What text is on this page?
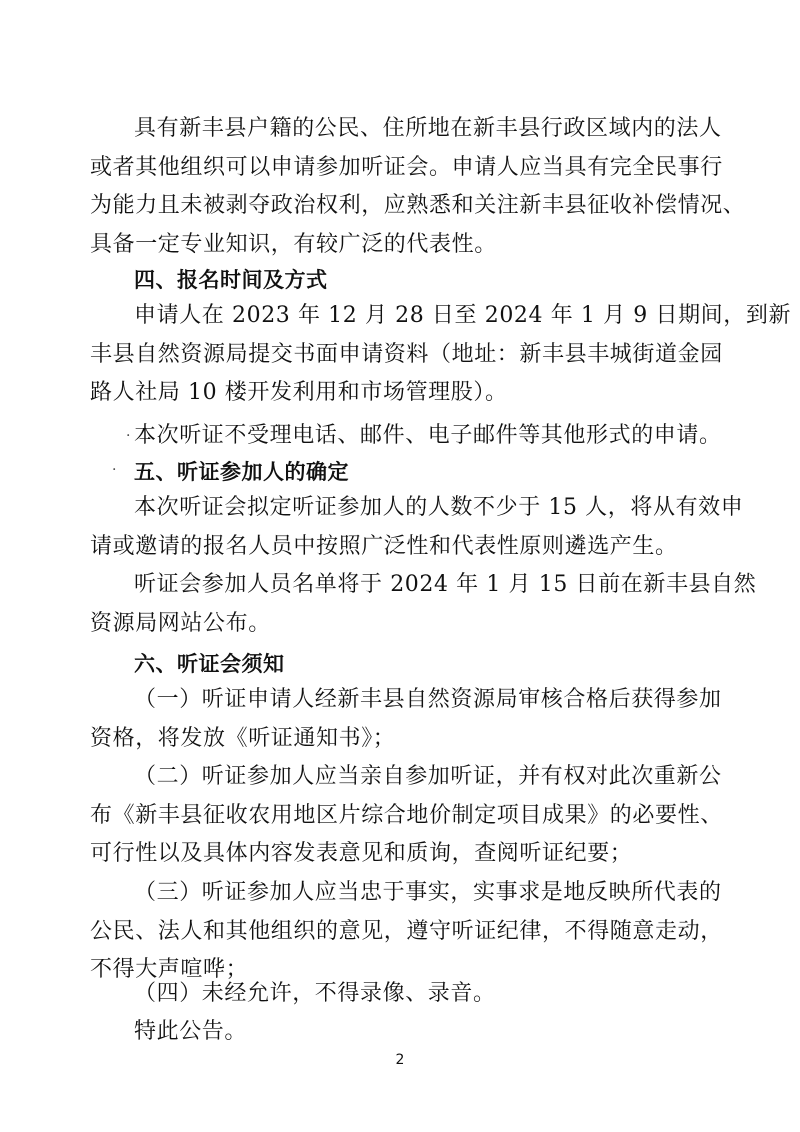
具有新丰县户籍的公民、住所地在新丰县行政区域内的法人
或者其他组织可以申请参加听证会。申请人应当具有完全民事行
为能力且未被剥夺政治权利，应熟悉和关注新丰县征收补偿情况、
具备一定专业知识，有较广泛的代表性。
四、报名时间及方式
申请人在 2023 年 12 月 28 日至 2024 年 1 月 9 日期间，到新
丰县自然资源局提交书面申请资料（地址：新丰县丰城街道金园
路人社局 10 楼开发利用和市场管理股）。
本次听证不受理电话、邮件、电子邮件等其他形式的申请。
五、听证参加人的确定
本次听证会拟定听证参加人的人数不少于 15 人，将从有效申
请或邀请的报名人员中按照广泛性和代表性原则遴选产生。
听证会参加人员名单将于 2024 年 1 月 15 日前在新丰县自然
资源局网站公布。
六、听证会须知
（一）听证申请人经新丰县自然资源局审核合格后获得参加
资格，将发放《听证通知书》；
（二）听证参加人应当亲自参加听证，并有权对此次重新公
布《新丰县征收农用地区片综合地价制定项目成果》的必要性、
可行性以及具体内容发表意见和质询，查阅听证纪要；
（三）听证参加人应当忠于事实，实事求是地反映所代表的
公民、法人和其他组织的意见，遵守听证纪律，不得随意走动，
不得大声喧哗；
（四）未经允许，不得录像、录音。
特此公告。
2
·
·
